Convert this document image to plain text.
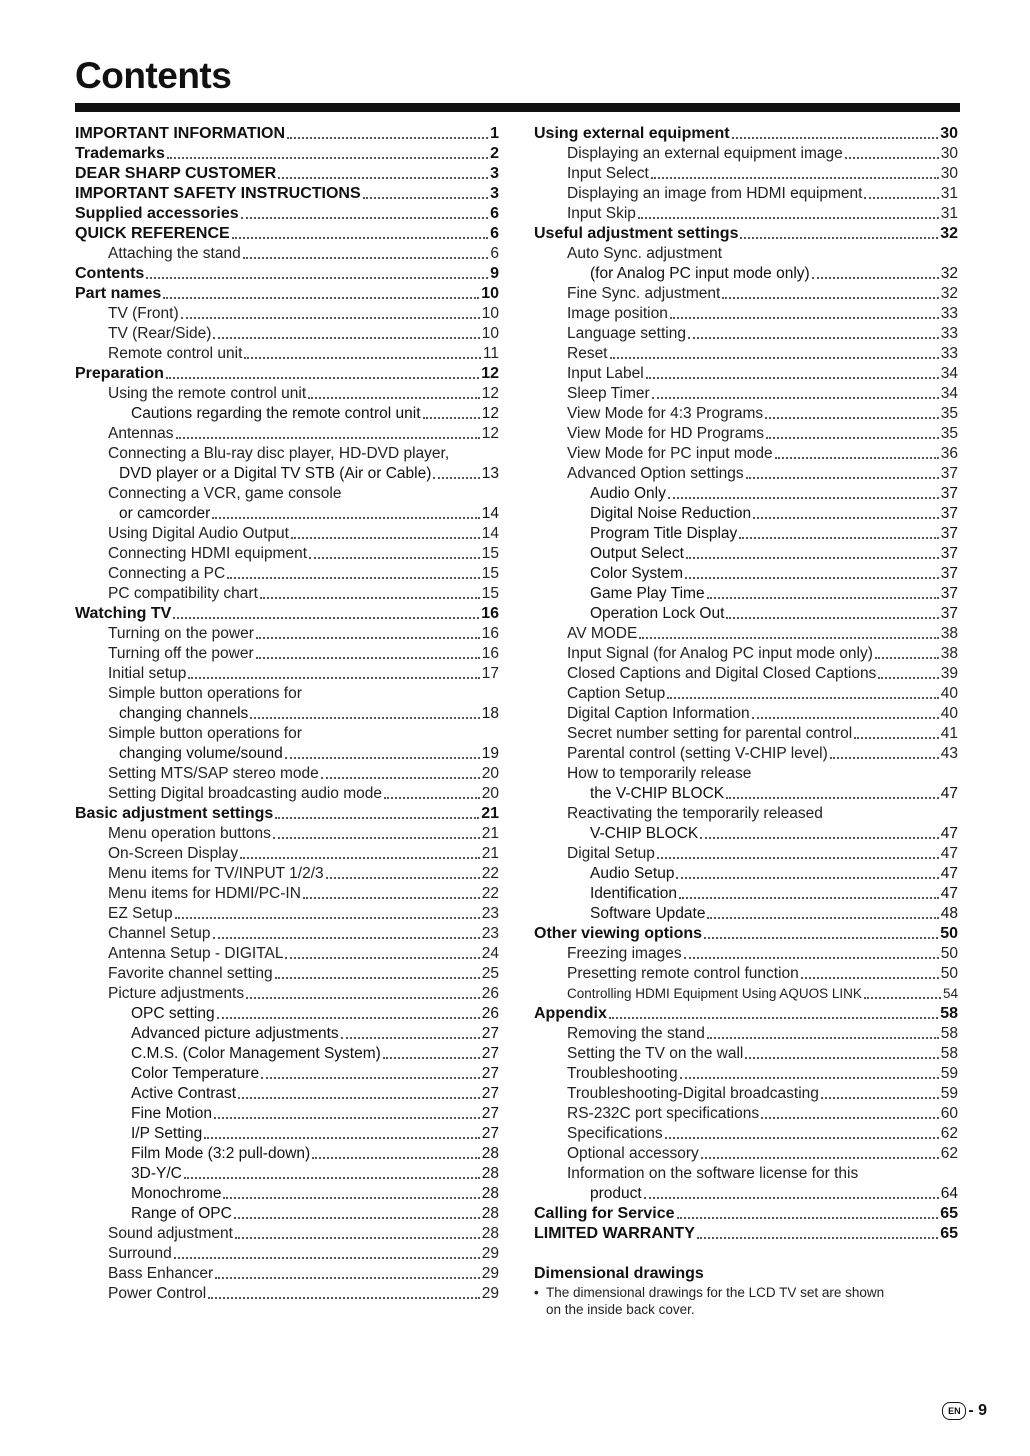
Contents
IMPORTANT INFORMATION	1
Trademarks	2
DEAR SHARP CUSTOMER	3
IMPORTANT SAFETY INSTRUCTIONS	3
Supplied accessories	6
QUICK REFERENCE	6
Attaching the stand	6
Contents	9
Part names	10
TV (Front)	10
TV (Rear/Side)	10
Remote control unit	11
Preparation	12
Using the remote control unit	12
Cautions regarding the remote control unit	12
Antennas	12
Connecting a Blu-ray disc player, HD-DVD player,
DVD player or a Digital TV STB (Air or Cable)	13
Connecting a VCR, game console
or camcorder	14
Using Digital Audio Output	14
Connecting HDMI equipment	15
Connecting a PC	15
PC compatibility chart	15
Watching TV	16
Turning on the power	16
Turning off the power	16
Initial setup	17
Simple button operations for
changing channels	18
Simple button operations for
changing volume/sound	19
Setting MTS/SAP stereo mode	20
Setting Digital broadcasting audio mode	20
Basic adjustment settings	21
Menu operation buttons	21
On-Screen Display	21
Menu items for TV/INPUT 1/2/3	22
Menu items for HDMI/PC-IN	22
EZ Setup	23
Channel Setup	23
Antenna Setup - DIGITAL	24
Favorite channel setting	25
Picture adjustments	26
OPC setting	26
Advanced picture adjustments	27
C.M.S. (Color Management System)	27
Color Temperature	27
Active Contrast	27
Fine Motion	27
I/P Setting	27
Film Mode (3:2 pull-down)	28
3D-Y/C	28
Monochrome	28
Range of OPC	28
Sound adjustment	28
Surround	29
Bass Enhancer	29
Power Control	29
Using external equipment	30
Displaying an external equipment image	30
Input Select	30
Displaying an image from HDMI equipment	31
Input Skip	31
Useful adjustment settings	32
Auto Sync. adjustment
(for Analog PC input mode only)	32
Fine Sync. adjustment	32
Image position	33
Language setting	33
Reset	33
Input Label	34
Sleep Timer	34
View Mode for 4:3 Programs	35
View Mode for HD Programs	35
View Mode for PC input mode	36
Advanced Option settings	37
Audio Only	37
Digital Noise Reduction	37
Program Title Display	37
Output Select	37
Color System	37
Game Play Time	37
Operation Lock Out	37
AV MODE	38
Input Signal (for Analog PC input mode only)	38
Closed Captions and Digital Closed Captions	39
Caption Setup	40
Digital Caption Information	40
Secret number setting for parental control	41
Parental control (setting V-CHIP level)	43
How to temporarily release
the V-CHIP BLOCK	47
Reactivating the temporarily released
V-CHIP BLOCK	47
Digital Setup	47
Audio Setup	47
Identification	47
Software Update	48
Other viewing options	50
Freezing images	50
Presetting remote control function	50
Controlling HDMI Equipment Using AQUOS LINK	54
Appendix	58
Removing the stand	58
Setting the TV on the wall	58
Troubleshooting	59
Troubleshooting-Digital broadcasting	59
RS-232C port specifications	60
Specifications	62
Optional accessory	62
Information on the software license for this
product	64
Calling for Service	65
LIMITED WARRANTY	65
Dimensional drawings
• The dimensional drawings for the LCD TV set are shown
on the inside back cover.
EN - 9
